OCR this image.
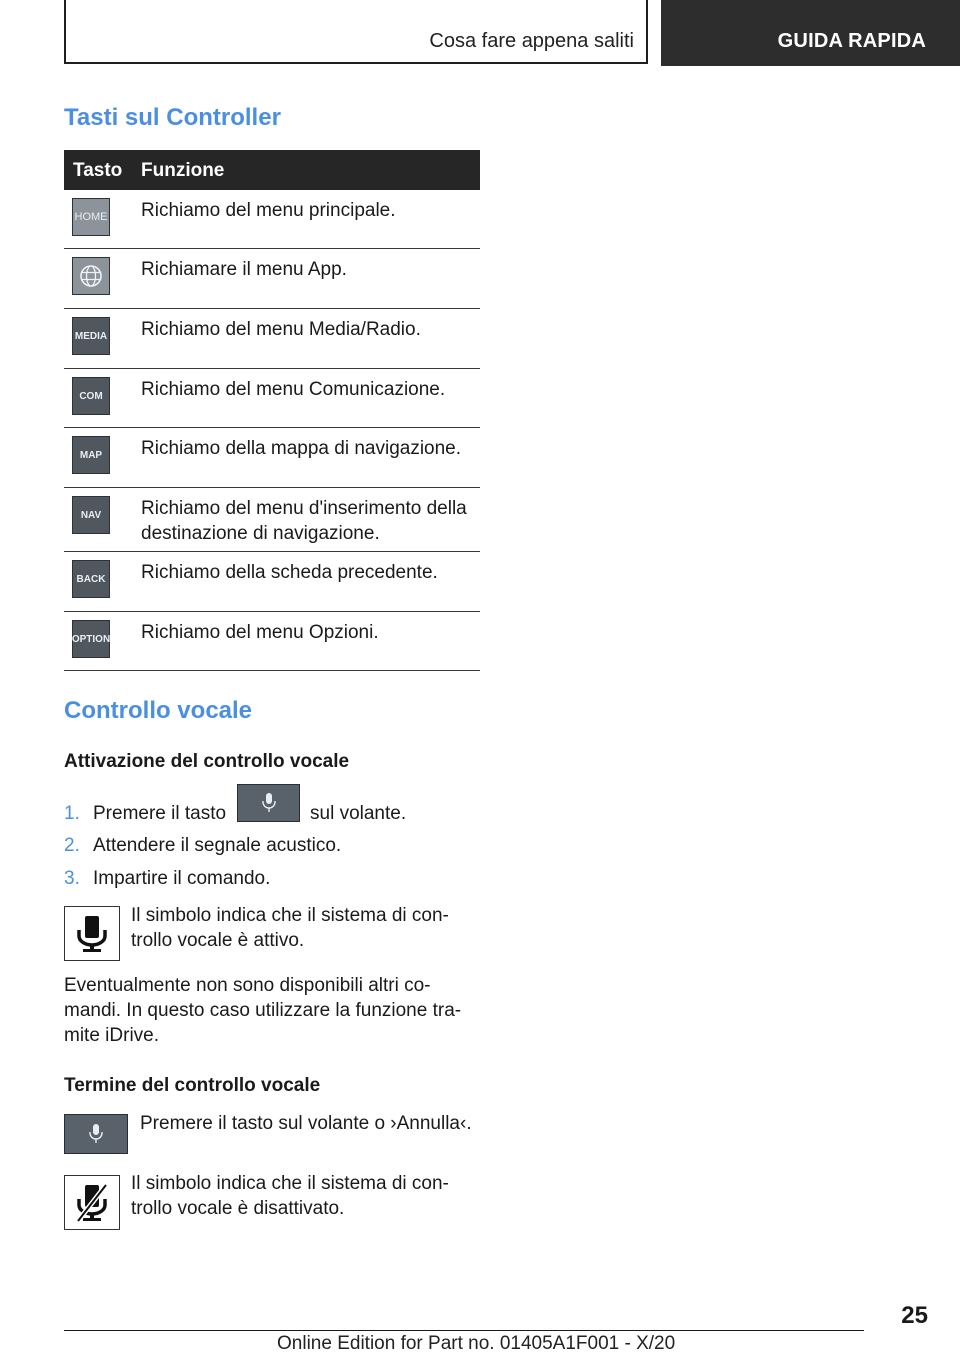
Cosa fare appena saliti	GUIDA RAPIDA
Tasti sul Controller
Tasto Funzione
HOME Richiamo del menu principale.
Richiamare il menu App.
MEDIA Richiamo del menu Media/Radio.
COM Richiamo del menu Comunicazione.
MAP Richiamo della mappa di navigazione.
NAV Richiamo del menu d'inserimento della destinazione di navigazione.
BACK Richiamo della scheda precedente.
OPTION Richiamo del menu Opzioni.
Controllo vocale

Attivazione del controllo vocale

1. Premere il tasto	sul volante.

2. Attendere il segnale acustico.

3. Impartire il comando.

Il simbolo indica che il sistema di con-

trollo vocale è attivo.

Eventualmente non sono disponibili altri co-

mandi. In questo caso utilizzare la funzione tra-

mite iDrive.

Termine del controllo vocale

Premere il tasto sul volante o ›Annulla‹.

Il simbolo indica che il sistema di con-

trollo vocale è disattivato.

25
Online Edition for Part no. 01405A1F001 - X/20
